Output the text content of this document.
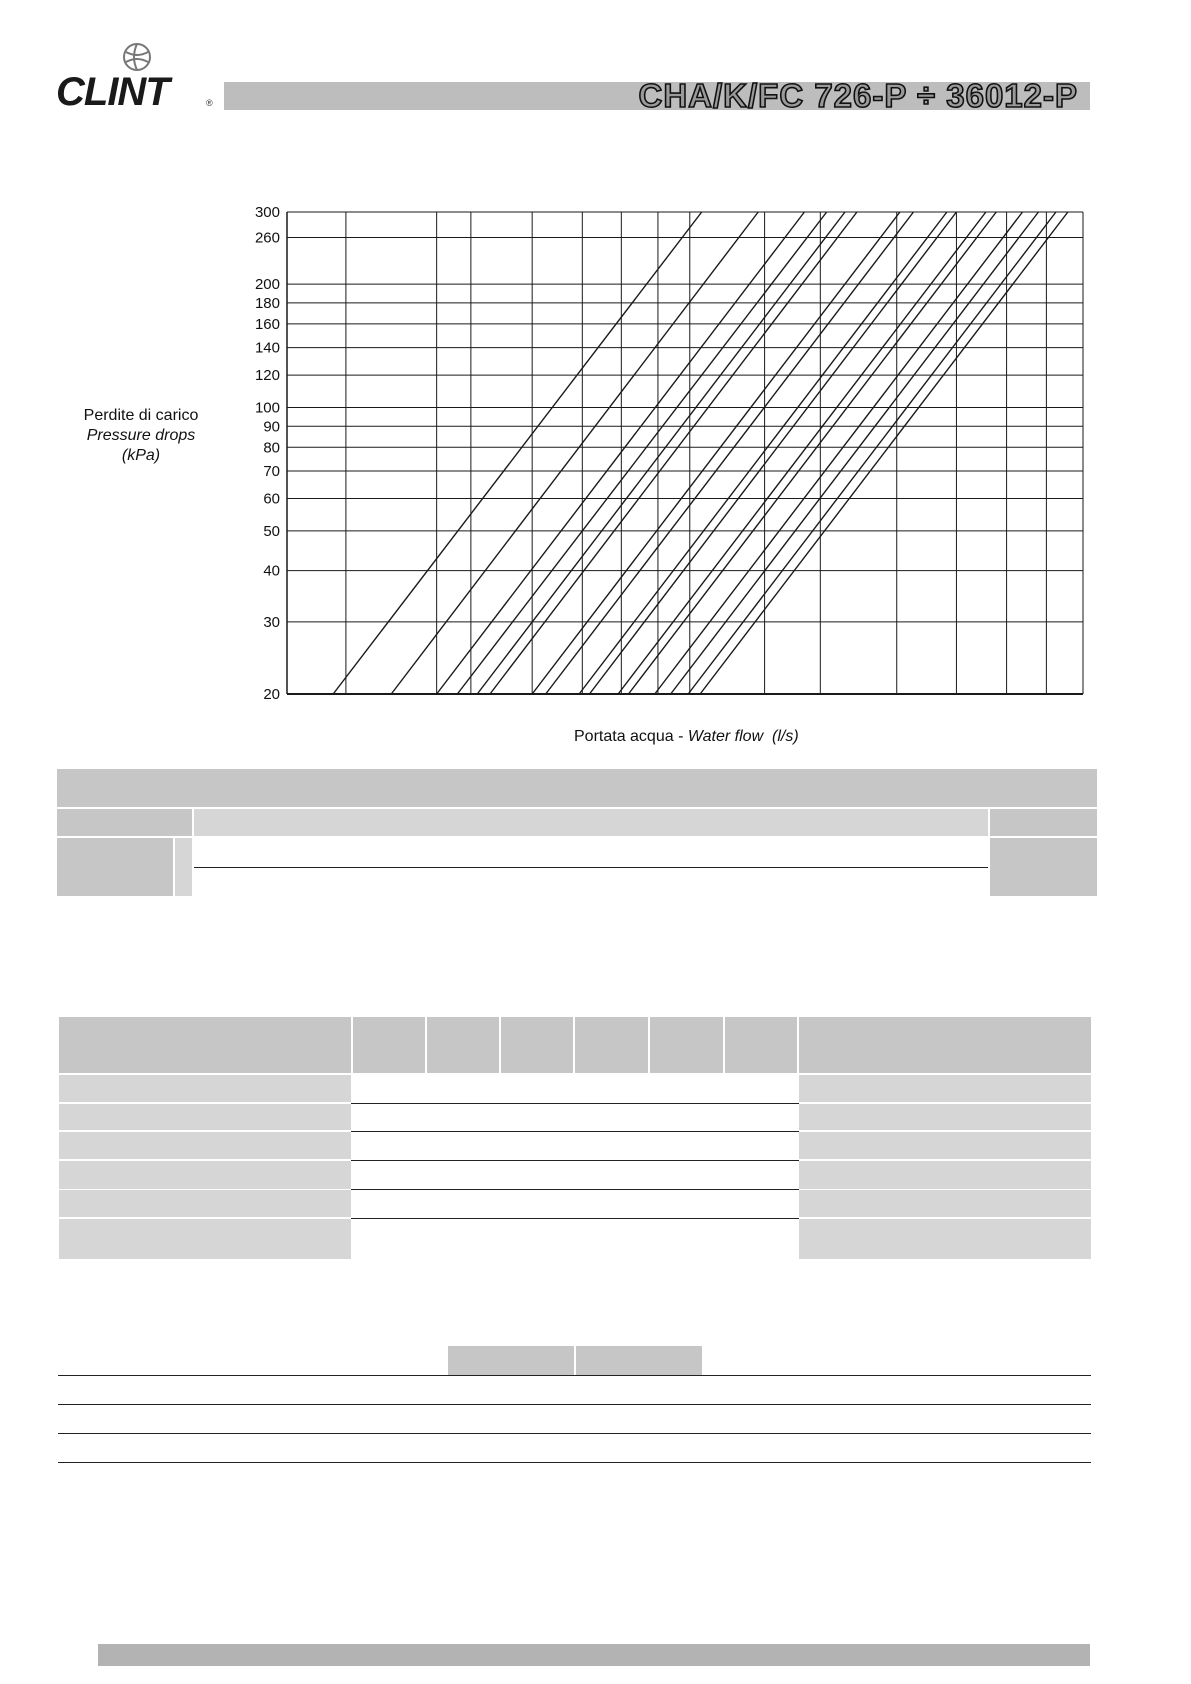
CLINT	®	CHA/K/FC 726-P ÷ 36012-P
Perdite di carico
Pressure drops
(kPa)
20
30
40
50
60
70
80
90
100
120
140
160
180
200
260
300
Portata acqua - Water flow (l/s)
